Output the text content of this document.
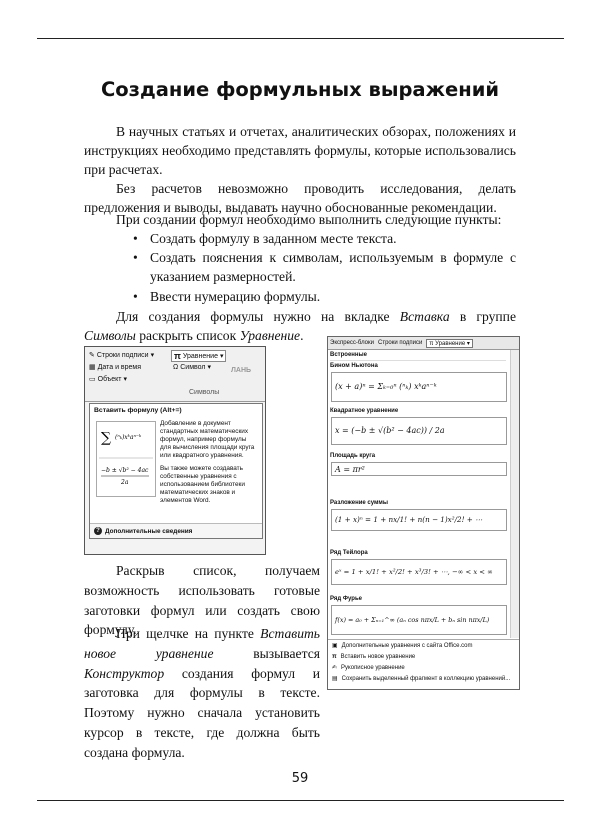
Создание формульных выражений
В научных статьях и отчетах, аналитических обзорах, положениях и инструкциях необходимо представлять формулы, которые использовались при расчетах.
Без расчетов невозможно проводить исследования, делать предложения и выводы, выдавать научно обоснованные рекомендации.
При создании формул необходимо выполнить следующие пункты:
• Создать формулу в заданном месте текста.
• Создать пояснения к символам, используемым в формуле с указанием размерностей.
• Ввести нумерацию формулы.
Для создания формулы нужно на вкладке Вставка в группе Символы раскрыть список Уравнение.
✎ Строки подписи ▾
▦ Дата и время
▭ Объект ▾
π Уравнение ▾
Ω Символ ▾
Символы
ЛАНЬ
Вставить формулу (Alt+=)
∑ (ⁿₖ)xᵏaⁿ⁻ᵏ
−b ± √b² − 4ac
2a
Добавление в документ стандартных математических формул, например формулы для вычисления площади круга или квадратного уравнения.
Вы также можете создавать собственные уравнения с использованием библиотеки математических знаков и элементов Word.
? Дополнительные сведения
Экспресс-блоки Строки подписи	π Уравнение ▾
Встроенные
Бином Ньютона
(x + a)ⁿ = Σₖ₌₀ⁿ (ⁿₖ) xᵏaⁿ⁻ᵏ
Квадратное уравнение
x = (−b ± √(b² − 4ac)) / 2a
Площадь круга
A = πr²
Разложение суммы
(1 + x)ⁿ = 1 + nx/1! + n(n − 1)x²/2! + ⋯
Ряд Тейлора
eˣ = 1 + x/1! + x²/2! + x³/3! + ⋯, −∞ < x < ∞
Ряд Фурье
f(x) = a₀ + Σₙ₌₁^∞ (aₙ cos nπx/L + bₙ sin nπx/L)
▣ Дополнительные уравнения с сайта Office.com
π Вставить новое уравнение
✍ Рукописное уравнение
▤ Сохранить выделенный фрагмент в коллекцию уравнений...
Раскрыв список, получаем возможность использовать готовые заготовки формул или создать свою формулу.
При щелчке на пункте Вставить новое уравнение вызывается Конструктор создания формул и заготовка для формулы в тексте. Поэтому нужно сначала установить курсор в тексте, где должна быть создана формула.
59
